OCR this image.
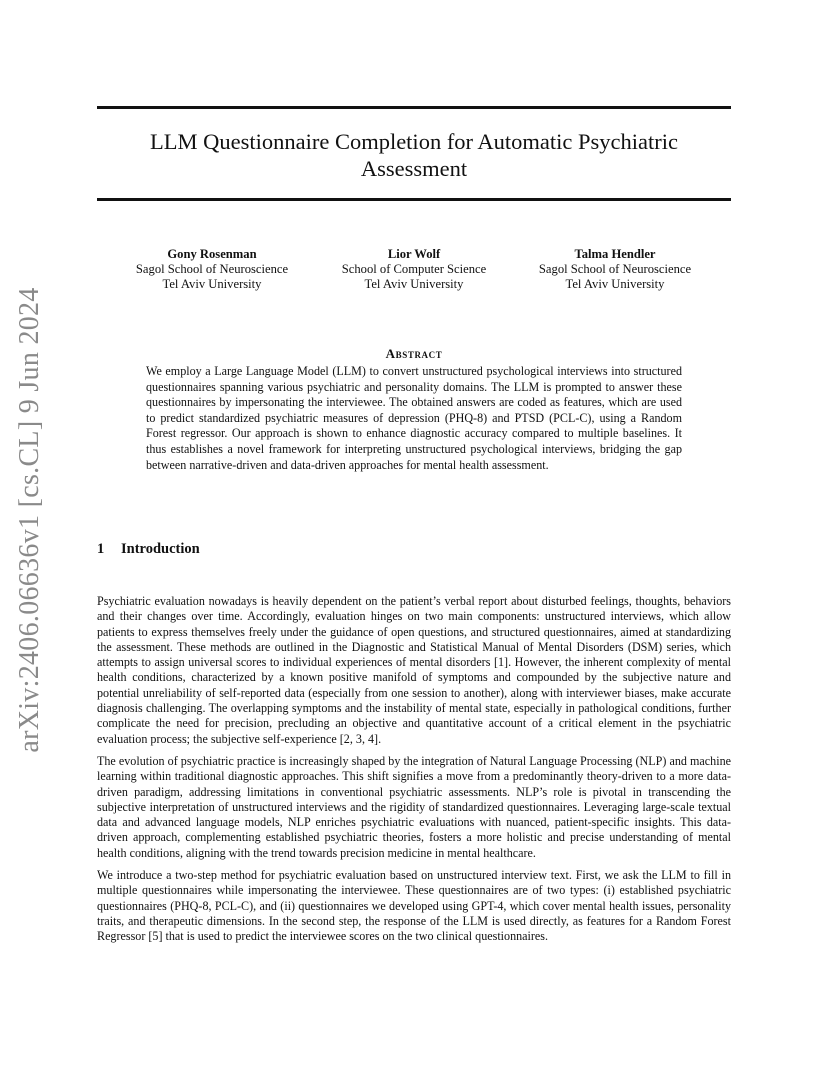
arXiv:2406.06636v1 [cs.CL] 9 Jun 2024
LLM Questionnaire Completion for Automatic Psychiatric Assessment
Gony Rosenman
Sagol School of Neuroscience
Tel Aviv University
Lior Wolf
School of Computer Science
Tel Aviv University
Talma Hendler
Sagol School of Neuroscience
Tel Aviv University
Abstract

We employ a Large Language Model (LLM) to convert unstructured psychological interviews into structured questionnaires spanning various psychiatric and personality domains. The LLM is prompted to answer these questionnaires by impersonating the interviewee. The obtained answers are coded as features, which are used to predict standardized psychiatric measures of depression (PHQ-8) and PTSD (PCL-C), using a Random Forest regressor. Our approach is shown to enhance diagnostic accuracy compared to multiple baselines. It thus establishes a novel framework for interpreting unstructured psychological interviews, bridging the gap between narrative-driven and data-driven approaches for mental health assessment.

1 Introduction

Psychiatric evaluation nowadays is heavily dependent on the patient’s verbal report about disturbed feelings, thoughts, behaviors and their changes over time. Accordingly, evaluation hinges on two main components: unstructured interviews, which allow patients to express themselves freely under the guidance of open questions, and structured questionnaires, aimed at standardizing the assessment. These methods are outlined in the Diagnostic and Statistical Manual of Mental Disorders (DSM) series, which attempts to assign universal scores to individual experiences of mental disorders [1]. However, the inherent complexity of mental health conditions, characterized by a known positive manifold of symptoms and compounded by the subjective nature and potential unreliability of self-reported data (especially from one session to another), along with interviewer biases, make accurate diagnosis challenging. The overlapping symptoms and the instability of mental state, especially in pathological conditions, further complicate the need for precision, precluding an objective and quantitative account of a critical element in the psychiatric evaluation process; the subjective self-experience [2, 3, 4].

The evolution of psychiatric practice is increasingly shaped by the integration of Natural Language Processing (NLP) and machine learning within traditional diagnostic approaches. This shift signifies a move from a predominantly theory-driven to a more data-driven paradigm, addressing limitations in conventional psychiatric assessments. NLP’s role is pivotal in transcending the subjective interpretation of unstructured interviews and the rigidity of standardized questionnaires. Leveraging large-scale textual data and advanced language models, NLP enriches psychiatric evaluations with nuanced, patient-specific insights. This data-driven approach, complementing established psychiatric theories, fosters a more holistic and precise understanding of mental health conditions, aligning with the trend towards precision medicine in mental healthcare.

We introduce a two-step method for psychiatric evaluation based on unstructured interview text. First, we ask the LLM to fill in multiple questionnaires while impersonating the interviewee. These questionnaires are of two types: (i) established psychiatric questionnaires (PHQ-8, PCL-C), and (ii) questionnaires we developed using GPT-4, which cover mental health issues, personality traits, and therapeutic dimensions. In the second step, the response of the LLM is used directly, as features for a Random Forest Regressor [5] that is used to predict the interviewee scores on the two clinical questionnaires.
